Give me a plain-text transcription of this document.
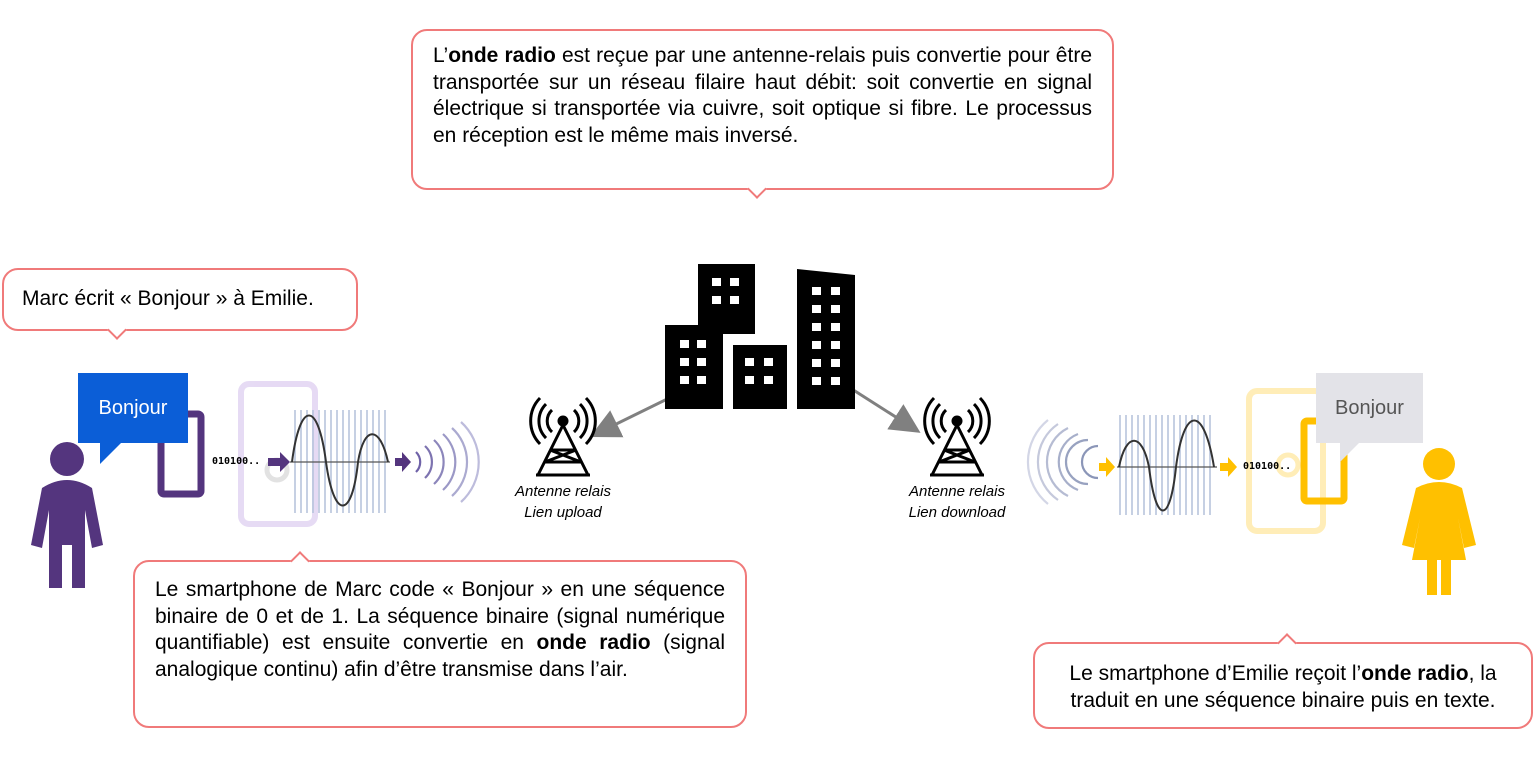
Bonjour	Bonjour
010100..	010100..
Antenne relais
Lien upload
Antenne relais
Lien download
L’onde radio est reçue par une antenne-relais puis convertie pour être transportée sur un réseau filaire haut débit: soit convertie en signal électrique si transportée via cuivre, soit optique si fibre. Le processus en réception est le même mais inversé.
Marc écrit « Bonjour » à Emilie.
Le smartphone de Marc code « Bonjour » en une séquence binaire de 0 et de 1. La séquence binaire (signal numérique quantifiable) est ensuite convertie en onde radio (signal analogique continu) afin d’être transmise dans l’air.	Le smartphone d’Emilie reçoit l’onde radio, la traduit en une séquence binaire puis en texte.
